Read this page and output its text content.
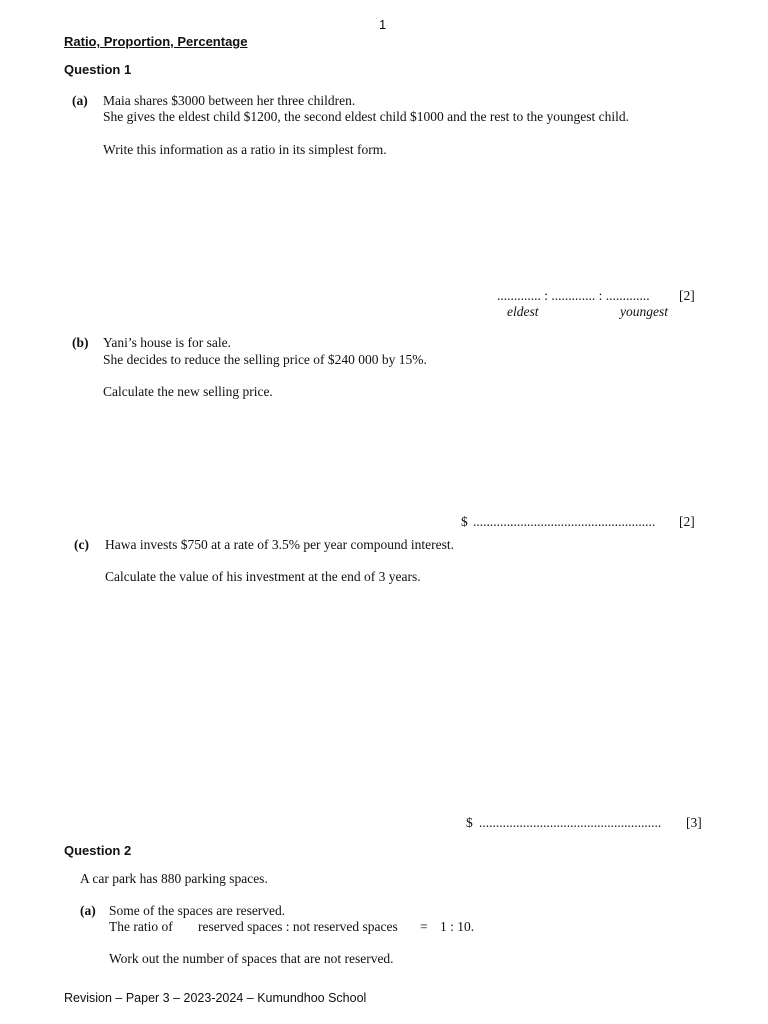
1
Ratio, Proportion, Percentage
Question 1
(a) Maia shares $3000 between her three children.
She gives the eldest child $1200, the second eldest child $1000 and the rest to the youngest child.
Write this information as a ratio in its simplest form.
............. : ............. : ............. [2]
eldest	youngest
(b) Yani’s house is for sale.
She decides to reduce the selling price of $240 000 by 15%.
Calculate the new selling price.
$ ...................................................... [2]
(c) Hawa invests $750 at a rate of 3.5% per year compound interest.
Calculate the value of his investment at the end of 3 years.
$ ...................................................... [3]
Question 2
A car park has 880 parking spaces.
(a) Some of the spaces are reserved.
The ratio of reserved spaces : not reserved spaces = 1 : 10.
Work out the number of spaces that are not reserved.
Revision – Paper 3 – 2023-2024 – Kumundhoo School
